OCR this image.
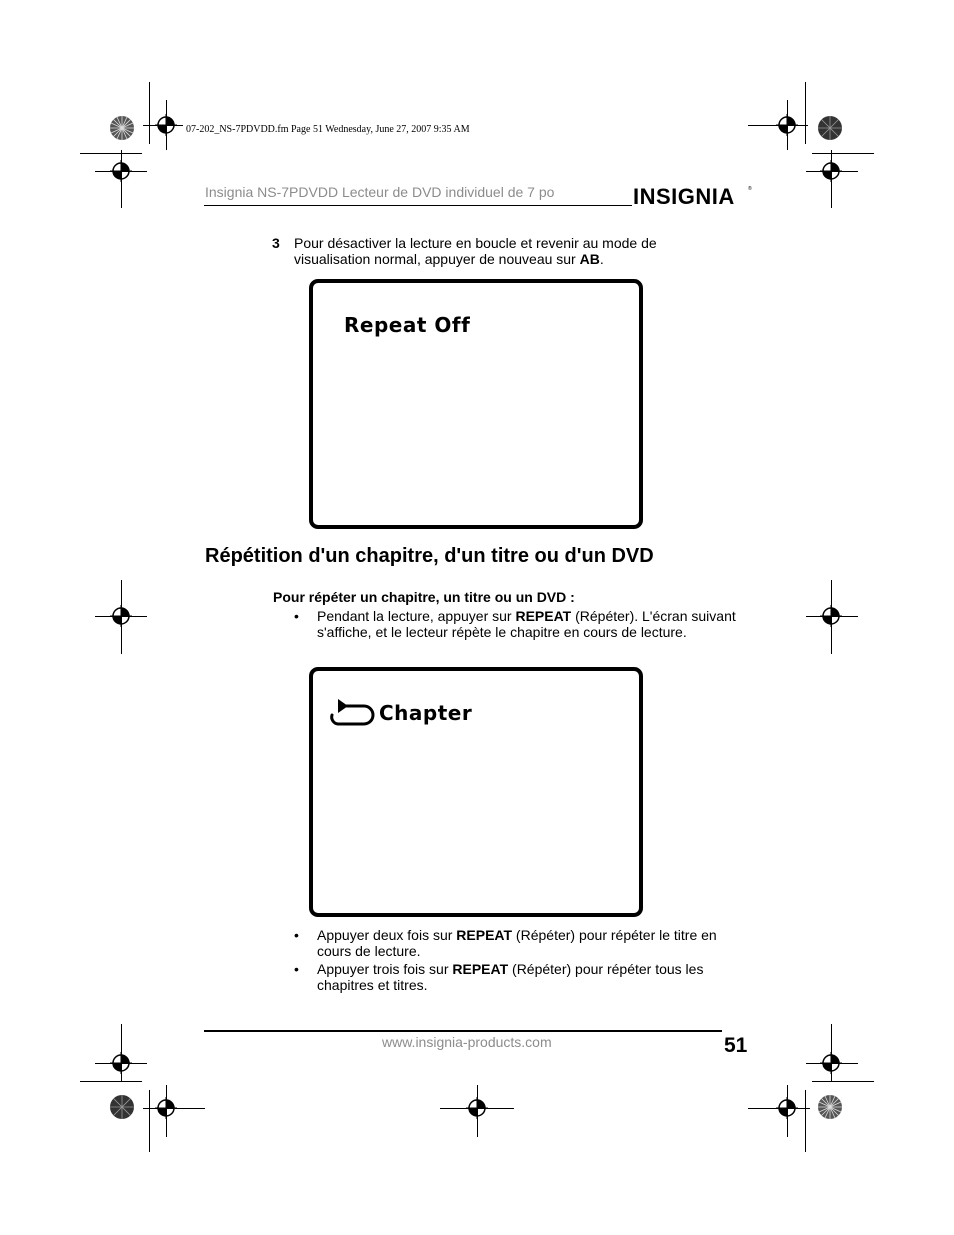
07-202_NS-7PDVDD.fm Page 51 Wednesday, June 27, 2007 9:35 AM
Insignia NS-7PDVDD Lecteur de DVD individuel de 7 po	INSIGNIA	®
3 Pour désactiver la lecture en boucle et revenir au mode de visualisation normal, appuyer de nouveau sur AB.
Repeat Off
Répétition d'un chapitre, d'un titre ou d'un DVD
Pour répéter un chapitre, un titre ou un DVD :
• Pendant la lecture, appuyer sur REPEAT (Répéter). L'écran suivant s'affiche, et le lecteur répète le chapitre en cours de lecture.
Chapter
• Appuyer deux fois sur REPEAT (Répéter) pour répéter le titre en cours de lecture.
• Appuyer trois fois sur REPEAT (Répéter) pour répéter tous les chapitres et titres.
www.insignia-products.com	51
